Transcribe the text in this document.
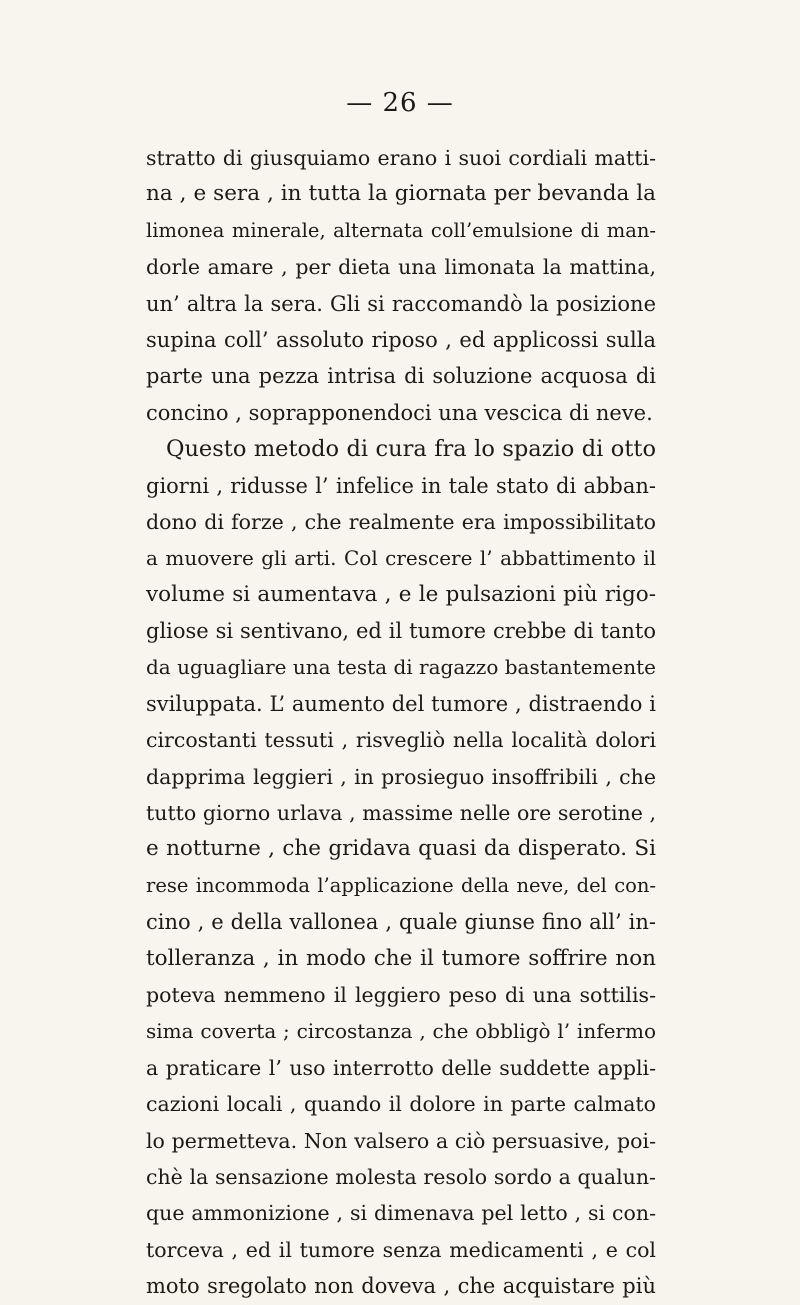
— 26 —
stratto di giusquiamo erano i suoi cordiali matti-
na , e sera , in tutta la giornata per bevanda la
limonea minerale, alternata coll’emulsione di man-
dorle amare , per dieta una limonata la mattina,
un’ altra la sera. Gli si raccomandò la posizione
supina coll’ assoluto riposo , ed applicossi sulla
parte una pezza intrisa di soluzione acquosa di
concino , soprapponendoci una vescica di neve.
Questo metodo di cura fra lo spazio di otto
giorni , ridusse l’ infelice in tale stato di abban-
dono di forze , che realmente era impossibilitato
a muovere gli arti. Col crescere l’ abbattimento il
volume si aumentava , e le pulsazioni più rigo-
gliose si sentivano, ed il tumore crebbe di tanto
da uguagliare una testa di ragazzo bastantemente
sviluppata. L’ aumento del tumore , distraendo i
circostanti tessuti , risvegliò nella località dolori
dapprima leggieri , in prosieguo insoffribili , che
tutto giorno urlava , massime nelle ore serotine ,
e notturne , che gridava quasi da disperato. Si
rese incommoda l’applicazione della neve, del con-
cino , e della vallonea , quale giunse fino all’ in-
tolleranza , in modo che il tumore soffrire non
poteva nemmeno il leggiero peso di una sottilis-
sima coverta ; circostanza , che obbligò l’ infermo
a praticare l’ uso interrotto delle suddette appli-
cazioni locali , quando il dolore in parte calmato
lo permetteva. Non valsero a ciò persuasive, poi-
chè la sensazione molesta resolo sordo a qualun-
que ammonizione , si dimenava pel letto , si con-
torceva , ed il tumore senza medicamenti , e col
moto sregolato non doveva , che acquistare più
